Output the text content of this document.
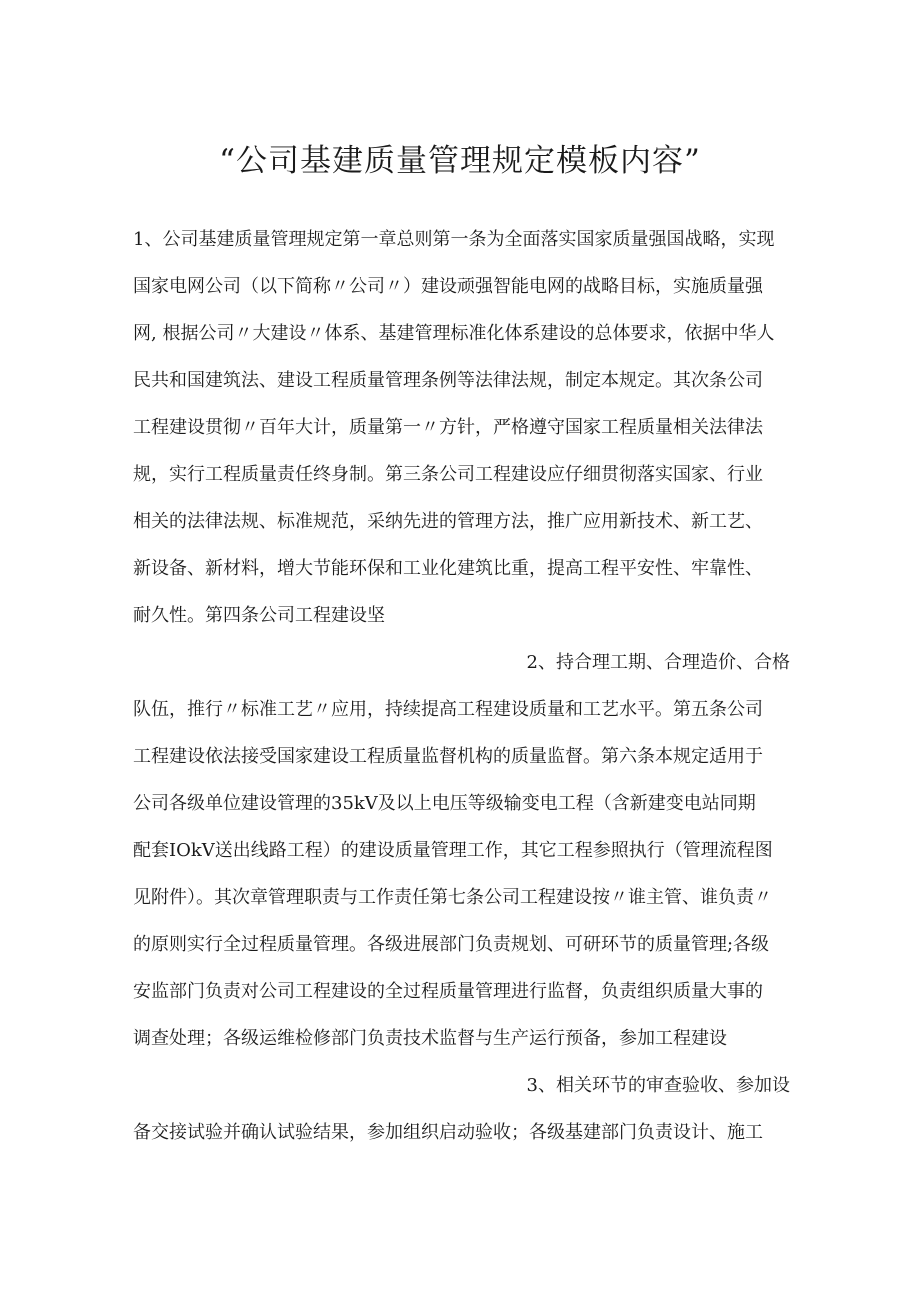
“公司基建质量管理规定模板内容”
1、公司基建质量管理规定第一章总则第一条为全面落实国家质量强国战略，实现
国家电网公司（以下简称〃公司〃）建设顽强智能电网的战略目标，实施质量强
网, 根据公司〃大建设〃体系、基建管理标准化体系建设的总体要求，依据中华人
民共和国建筑法、建设工程质量管理条例等法律法规，制定本规定。其次条公司
工程建设贯彻〃百年大计，质量第一〃方针，严格遵守国家工程质量相关法律法
规，实行工程质量责任终身制。第三条公司工程建设应仔细贯彻落实国家、行业
相关的法律法规、标准规范，采纳先进的管理方法，推广应用新技术、新工艺、
新设备、新材料，增大节能环保和工业化建筑比重，提高工程平安性、牢靠性、
耐久性。第四条公司工程建设坚
2、持合理工期、合理造价、合格
队伍，推行〃标准工艺〃应用，持续提高工程建设质量和工艺水平。第五条公司
工程建设依法接受国家建设工程质量监督机构的质量监督。第六条本规定适用于
公司各级单位建设管理的35kV及以上电压等级输变电工程（含新建变电站同期
配套IOkV送出线路工程）的建设质量管理工作，其它工程参照执行（管理流程图
见附件）。其次章管理职责与工作责任第七条公司工程建设按〃谁主管、谁负责〃
的原则实行全过程质量管理。各级进展部门负责规划、可研环节的质量管理;各级
安监部门负责对公司工程建设的全过程质量管理进行监督，负责组织质量大事的
调查处理；各级运维检修部门负责技术监督与生产运行预备，参加工程建设
3、相关环节的审查验收、参加设
备交接试验并确认试验结果，参加组织启动验收；各级基建部门负责设计、施工
